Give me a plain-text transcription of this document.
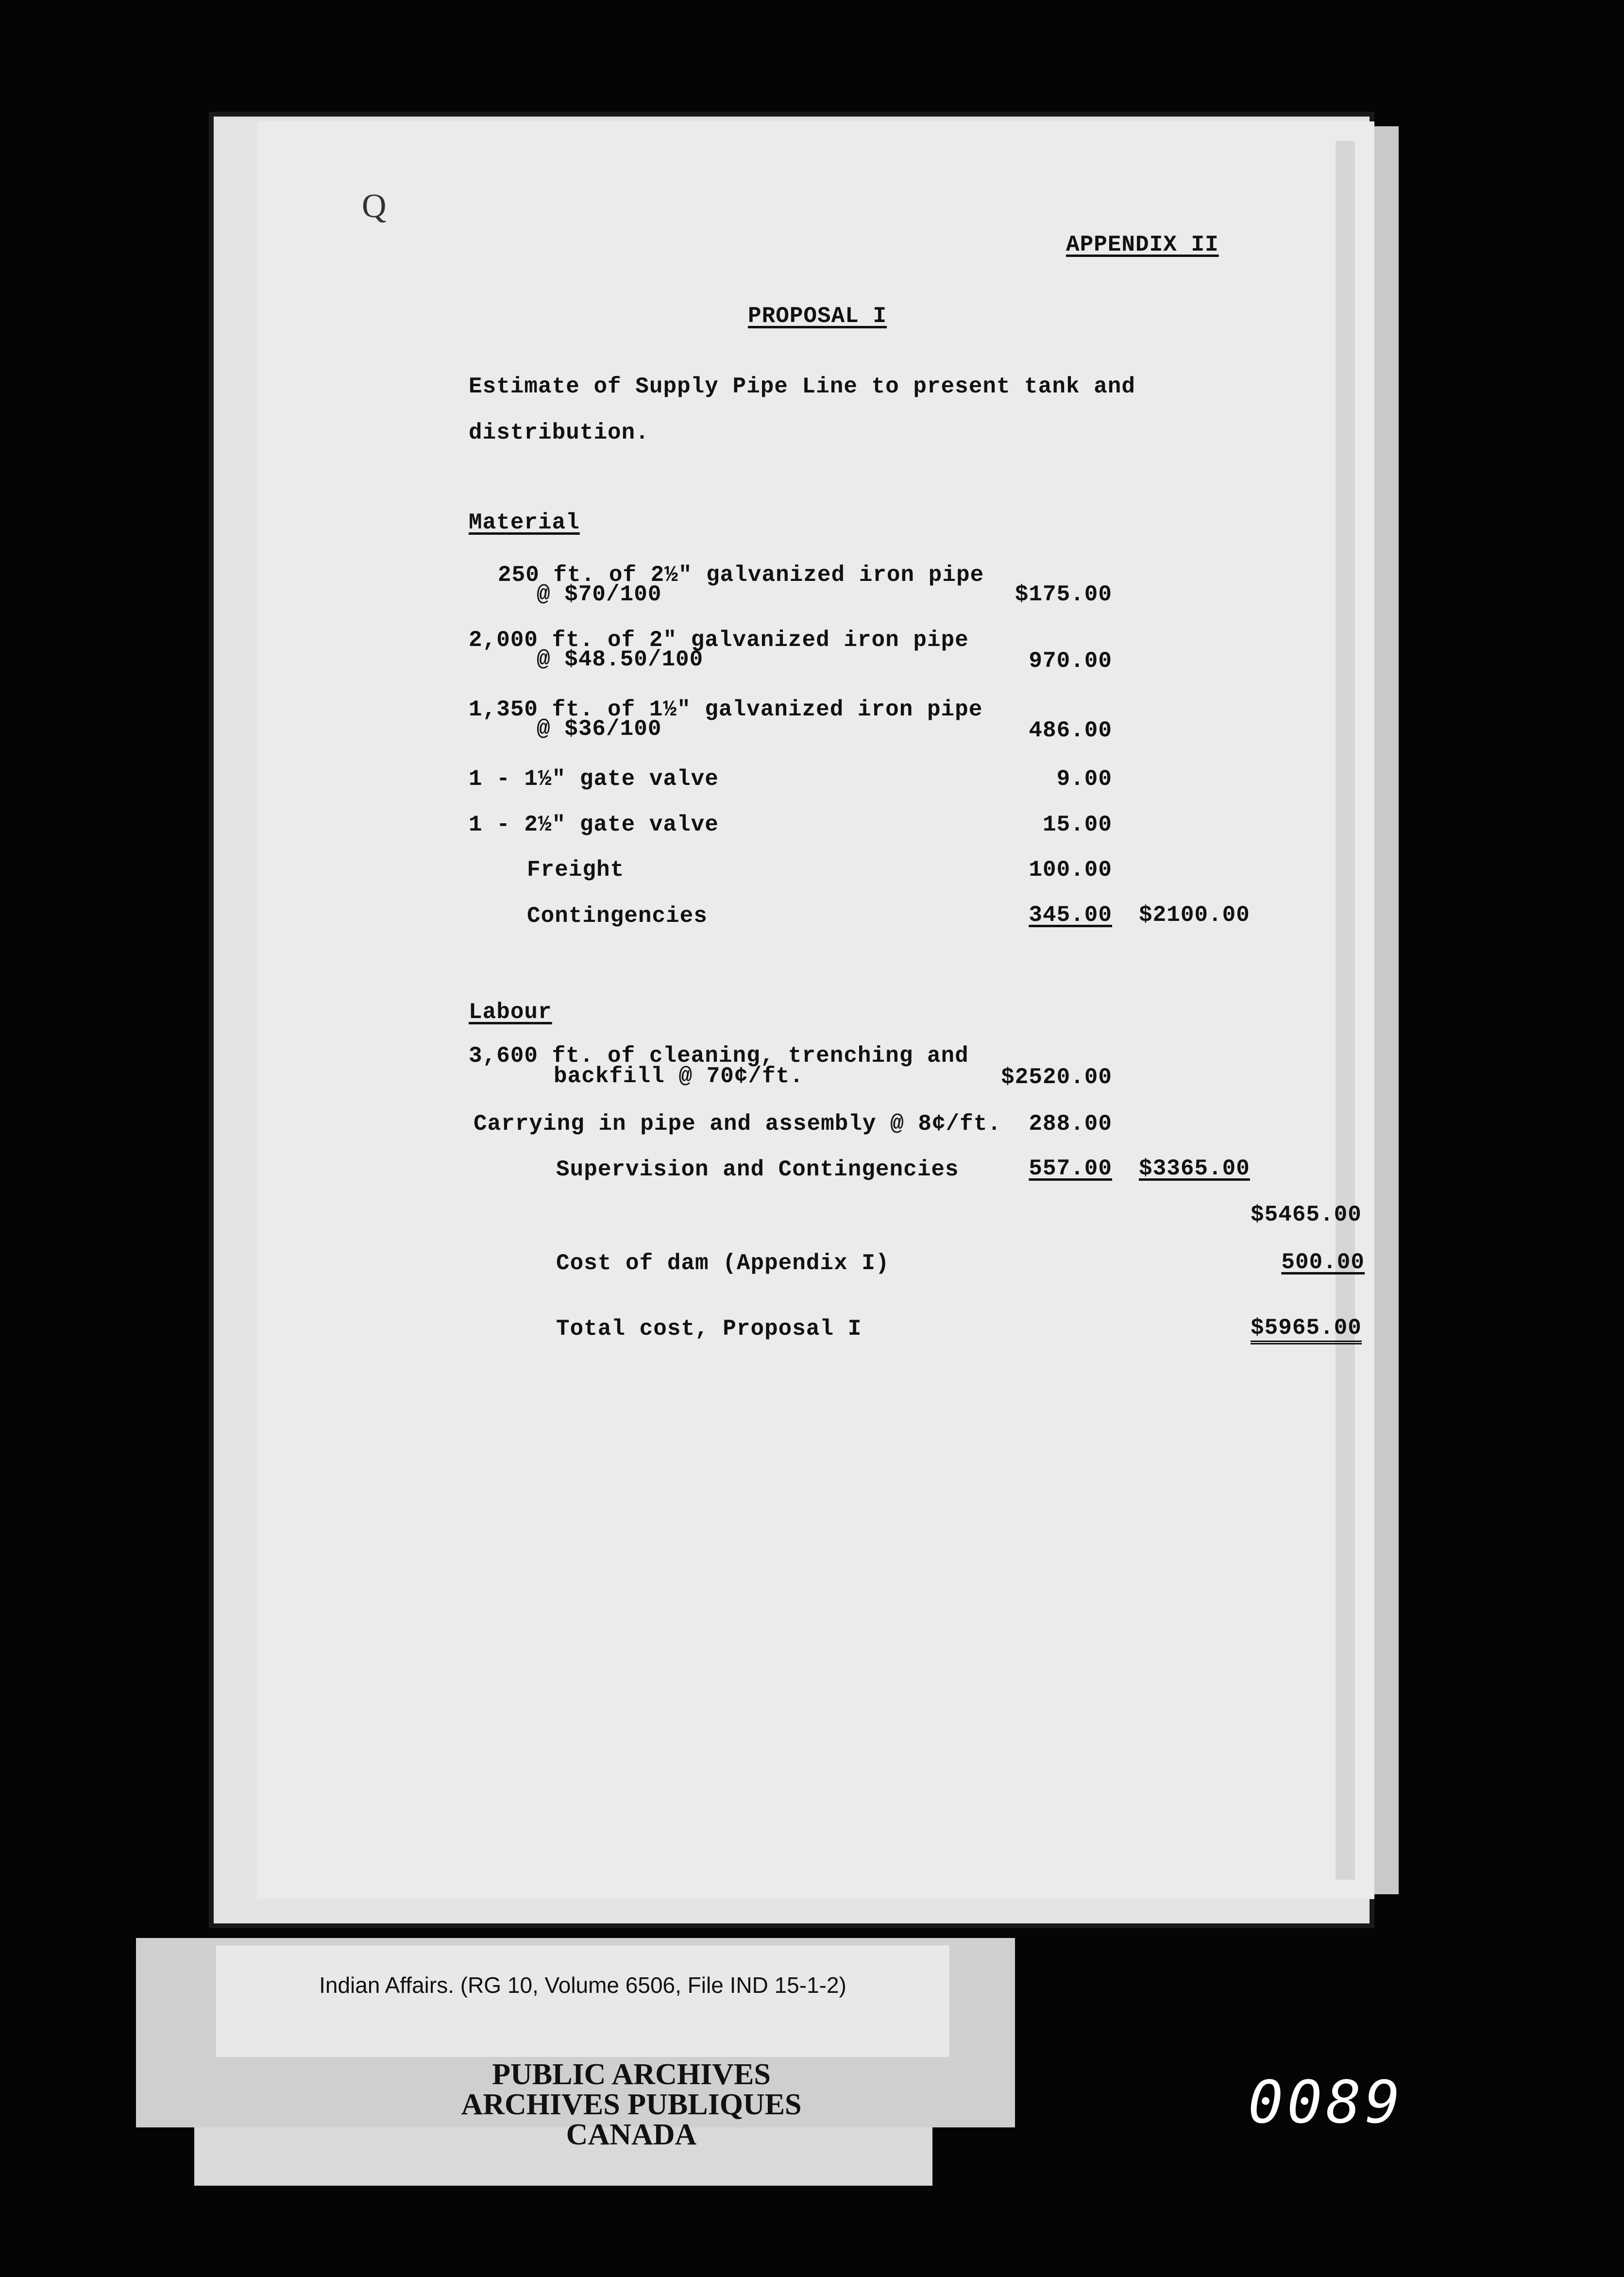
Q
APPENDIX II
PROPOSAL I
Estimate of Supply Pipe Line to present tank and
distribution.
Material
250 ft. of 2½" galvanized iron pipe
@ $70/100	$175.00
2,000 ft. of 2" galvanized iron pipe
@ $48.50/100	970.00
1,350 ft. of 1½" galvanized iron pipe
@ $36/100	486.00
1 - 1½" gate valve	9.00
1 - 2½" gate valve	15.00
Freight	100.00
Contingencies	345.00 $2100.00
Labour
3,600 ft. of cleaning, trenching and
backfill @ 70¢/ft.	$2520.00
Carrying in pipe and assembly @ 8¢/ft.	288.00
Supervision and Contingencies	557.00 $3365.00
$5465.00
Cost of dam (Appendix I)	500.00
Total cost, Proposal I	$5965.00
Indian Affairs. (RG 10, Volume 6506, File IND 15-1-2)
PUBLIC ARCHIVES
ARCHIVES PUBLIQUES
CANADA	0089
